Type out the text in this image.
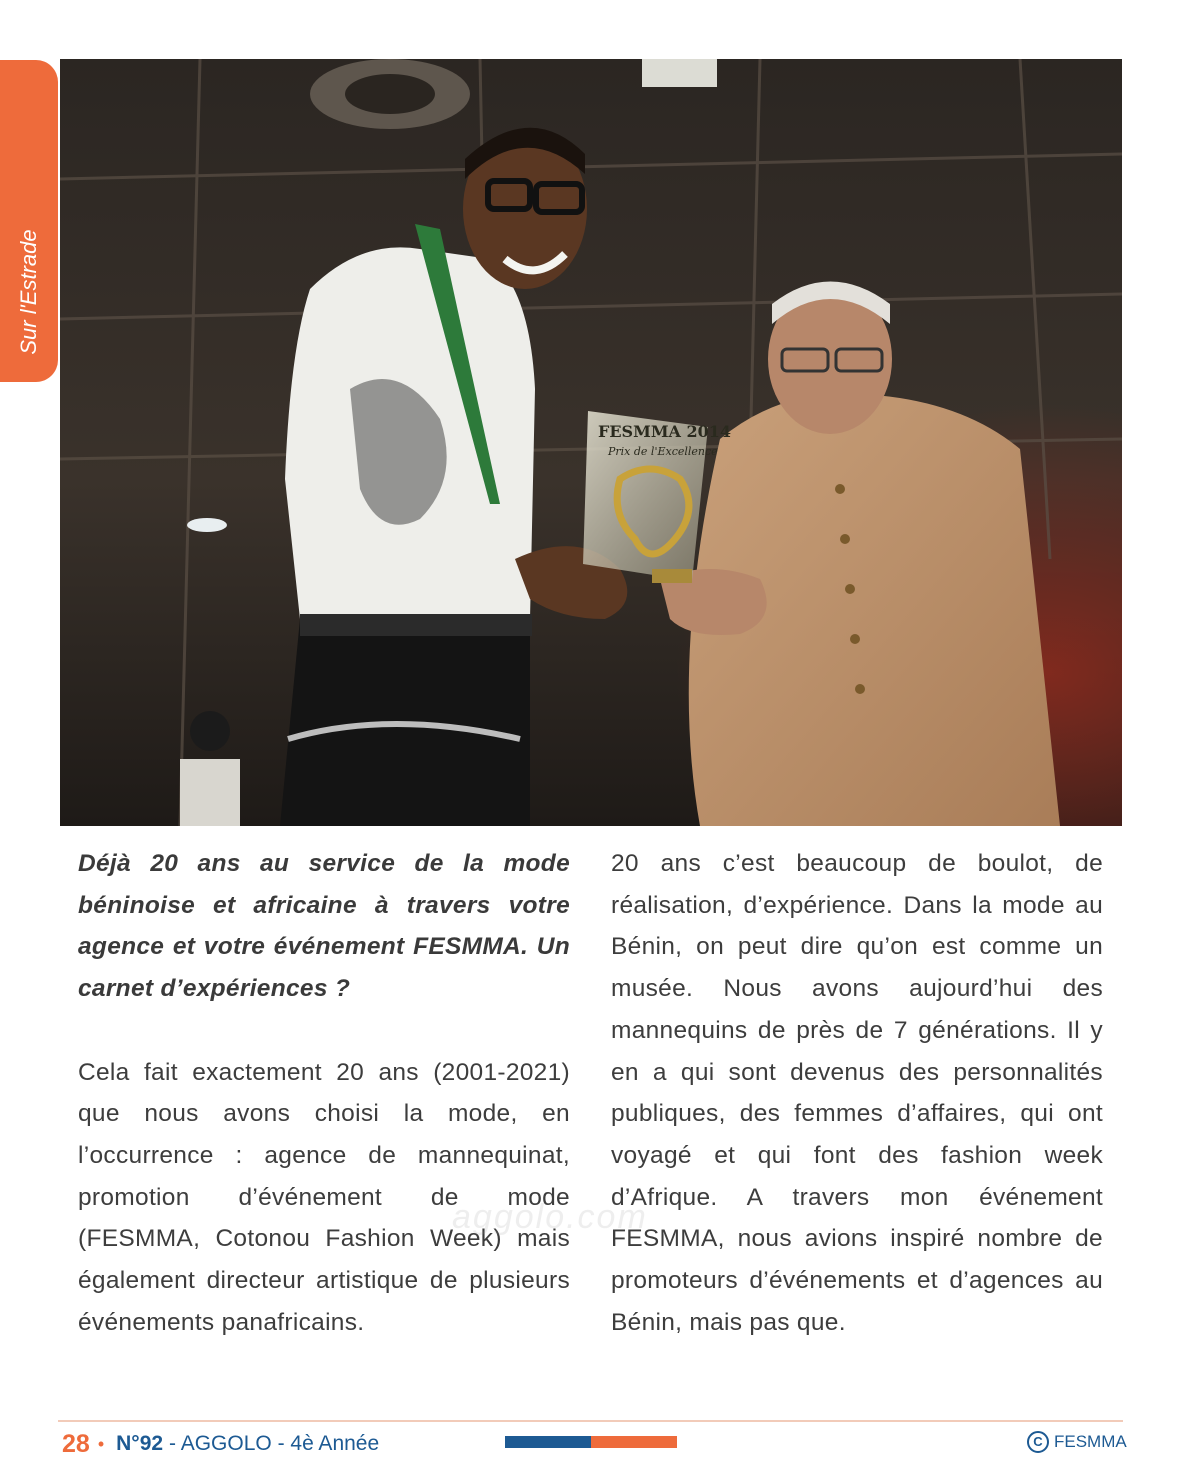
Sur l'Estrade
FESMMA 2014
Prix de l'Excellence

Déjà 20 ans au service de la mode béninoise et africaine à travers votre agence et votre événement FESMMA. Un carnet d’expériences ?

Cela fait exactement 20 ans (2001-2021) que nous avons choisi la mode, en l’occurrence : agence de mannequinat, promotion d’événement de mode (FESMMA, Cotonou Fashion Week) mais également directeur artistique de plusieurs événements panafricains.

20 ans c’est beaucoup de boulot, de réalisation, d’expérience. Dans la mode au Bénin, on peut dire qu’on est comme un musée. Nous avons aujourd’hui des mannequins de près de 7 générations. Il y en a qui sont devenus des personnalités publiques, des femmes d’affaires, qui ont voyagé et qui font des fashion week d’Afrique. A travers mon événement FESMMA, nous avions inspiré nombre de promoteurs d’événements et d’agences au Bénin, mais pas que.

aggolo.com
28 • N°92 - AGGOLO - 4è Année	C FESMMA
